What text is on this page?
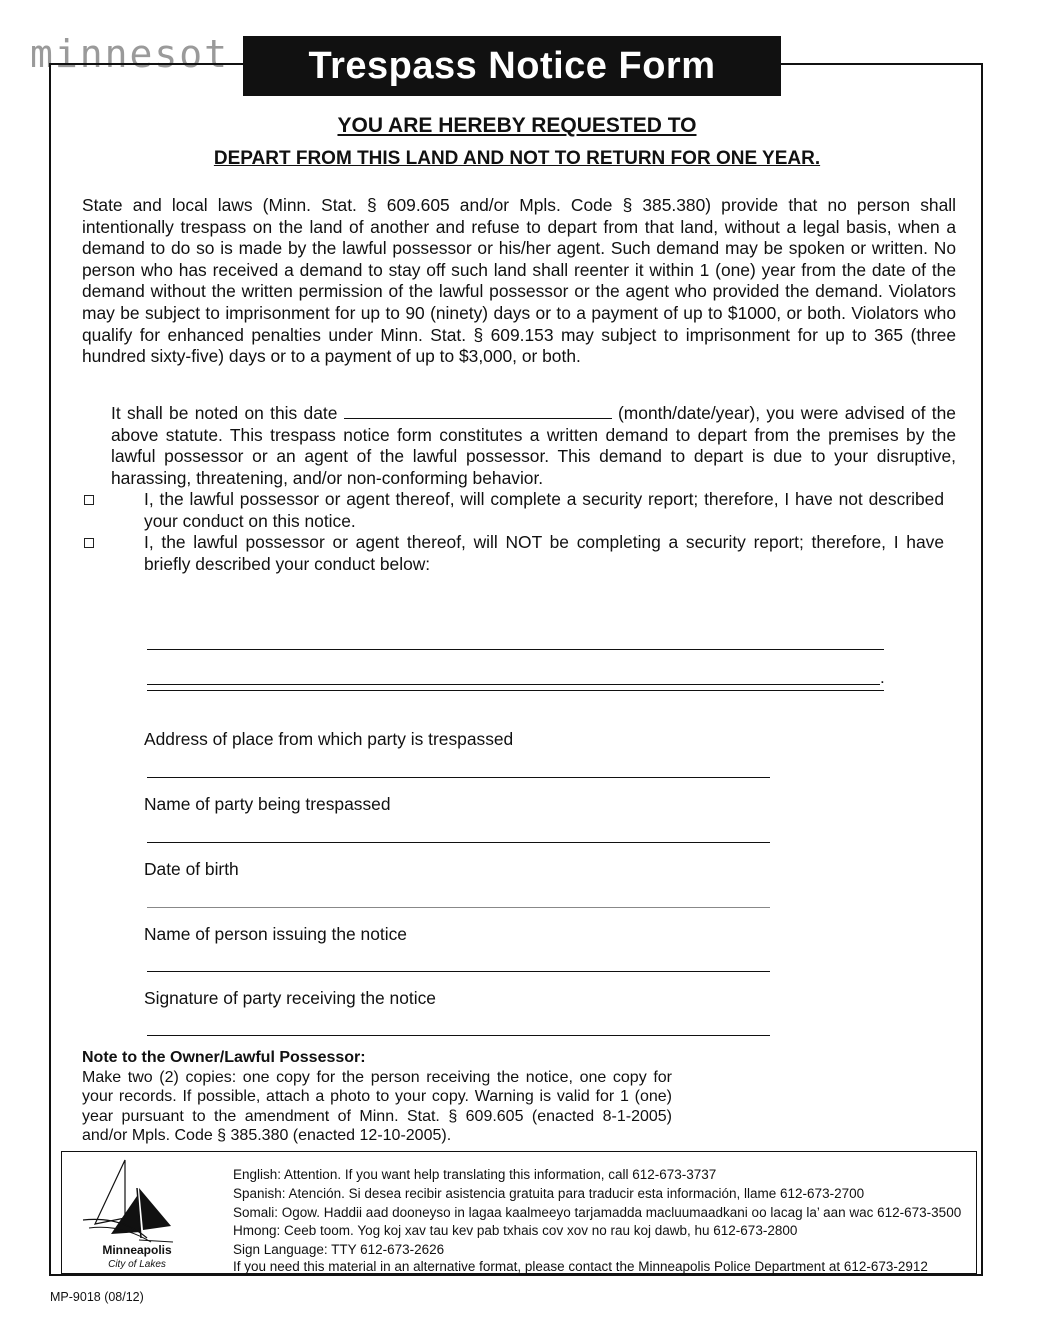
minnesot Trespass Notice Form
YOU ARE HEREBY REQUESTED TO
DEPART FROM THIS LAND AND NOT TO RETURN FOR ONE YEAR.
State and local laws (Minn. Stat. § 609.605 and/or Mpls. Code § 385.380) provide that no person shall intentionally trespass on the land of another and refuse to depart from that land, without a legal basis, when a demand to do so is made by the lawful possessor or his/her agent. Such demand may be spoken or written. No person who has received a demand to stay off such land shall reenter it within 1 (one) year from the date of the demand without the written permission of the lawful possessor or the agent who provided the demand. Violators may be subject to imprisonment for up to 90 (ninety) days or to a payment of up to $1000, or both. Violators who qualify for enhanced penalties under Minn. Stat. § 609.153 may subject to imprisonment for up to 365 (three hundred sixty-five) days or to a payment of up to $3,000, or both.
It shall be noted on this date	(month/date/year), you were advised of the above statute. This trespass notice form constitutes a written demand to depart from the premises by the lawful possessor or an agent of the lawful possessor. This demand to depart is due to your disruptive, harassing, threatening, and/or non-conforming behavior.
I, the lawful possessor or agent thereof, will complete a security report; therefore, I have not described your conduct on this notice.
I, the lawful possessor or agent thereof, will NOT be completing a security report; therefore, I have briefly described your conduct below:
.
Address of place from which party is trespassed
Name of party being trespassed
Date of birth
Name of person issuing the notice
Signature of party receiving the notice
Note to the Owner/Lawful Possessor:
Make two (2) copies: one copy for the person receiving the notice, one copy for your records. If possible, attach a photo to your copy. Warning is valid for 1 (one) year pursuant to the amendment of Minn. Stat. § 609.605 (enacted 8-1-2005) and/or Mpls. Code § 385.380 (enacted 12-10-2005).
Minneapolis
City of Lakes
English: Attention. If you want help translating this information, call 612-673-3737
Spanish: Atención. Si desea recibir asistencia gratuita para traducir esta información, llame 612-673-2700
Somali: Ogow. Haddii aad dooneyso in lagaa kaalmeeyo tarjamadda macluumaadkani oo lacag la’ aan wac 612-673-3500
Hmong: Ceeb toom. Yog koj xav tau kev pab txhais cov xov no rau koj dawb, hu 612-673-2800
Sign Language: TTY 612-673-2626
If you need this material in an alternative format, please contact the Minneapolis Police Department at 612-673-2912
MP-9018 (08/12)
